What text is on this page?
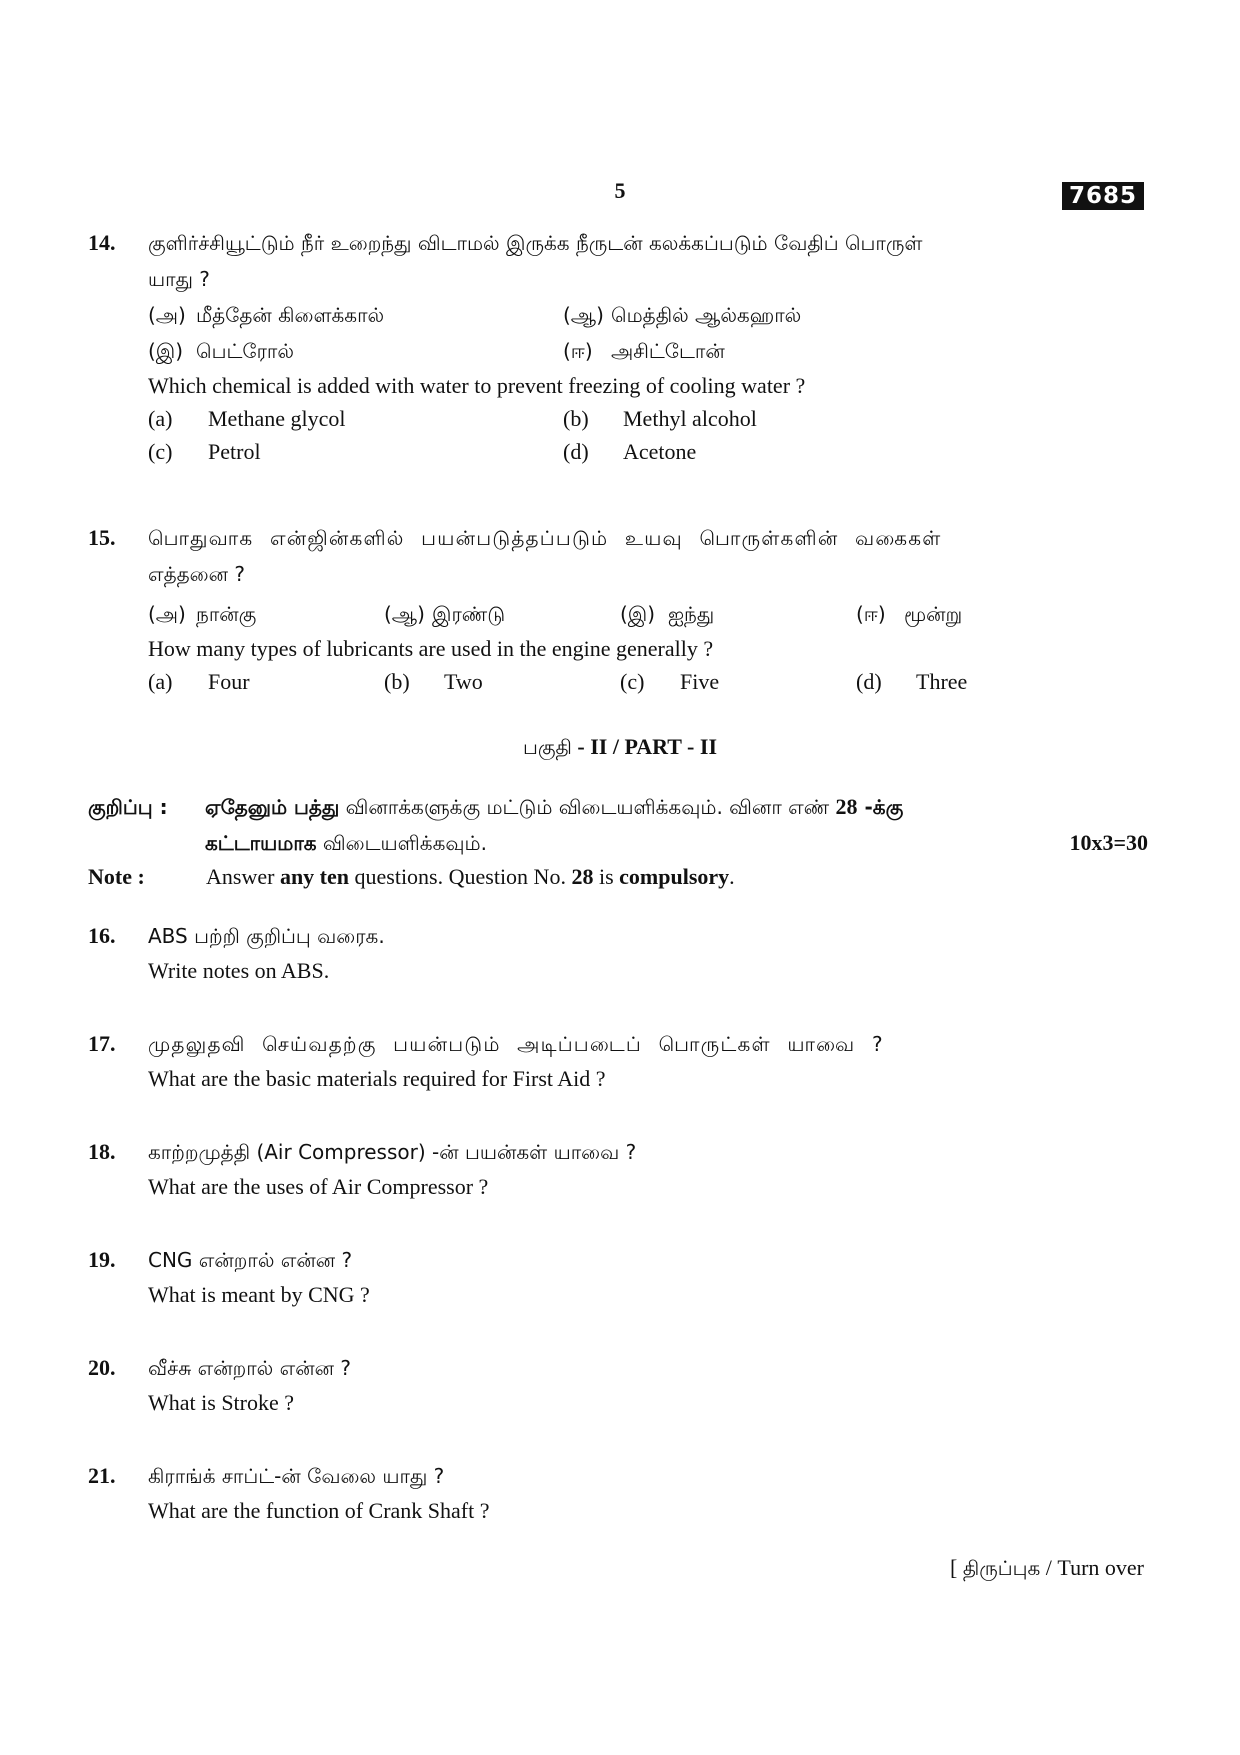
5	7685
14. குளிர்ச்சியூட்டும் நீர் உறைந்து விடாமல் இருக்க நீருடன் கலக்கப்படும் வேதிப் பொருள்
யாது ?
(அ) மீத்தேன் கிளைக்கால்	(ஆ) மெத்தில் ஆல்கஹால்
(இ) பெட்ரோல்	(ஈ) அசிட்டோன்
Which chemical is added with water to prevent freezing of cooling water ?
(a)	Methane glycol	(b)	Methyl alcohol
(c)	Petrol	(d)	Acetone
15. பொதுவாக என்ஜின்களில் பயன்படுத்தப்படும் உயவு பொருள்களின் வகைகள்
எத்தனை ?
(அ) நான்கு	(ஆ) இரண்டு	(இ) ஐந்து	(ஈ) மூன்று
How many types of lubricants are used in the engine generally ?
(a)	Four	(b)	Two	(c)	Five	(d)	Three
பகுதி - II / PART - II
குறிப்பு : ஏதேனும் பத்து வினாக்களுக்கு மட்டும் விடையளிக்கவும். வினா எண் 28 -க்கு
கட்டாயமாக விடையளிக்கவும்.	10x3=30
Note :	Answer any ten questions. Question No. 28 is compulsory.
16. ABS பற்றி குறிப்பு வரைக.
Write notes on ABS.
17. முதலுதவி செய்வதற்கு பயன்படும் அடிப்படைப் பொருட்கள் யாவை ?
What are the basic materials required for First Aid ?
18. காற்றமுத்தி (Air Compressor) -ன் பயன்கள் யாவை ?
What are the uses of Air Compressor ?
19. CNG என்றால் என்ன ?
What is meant by CNG ?
20. வீச்சு என்றால் என்ன ?
What is Stroke ?
21. கிராங்க் சாப்ட்-ன் வேலை யாது ?
What are the function of Crank Shaft ?
[ திருப்புக / Turn over
